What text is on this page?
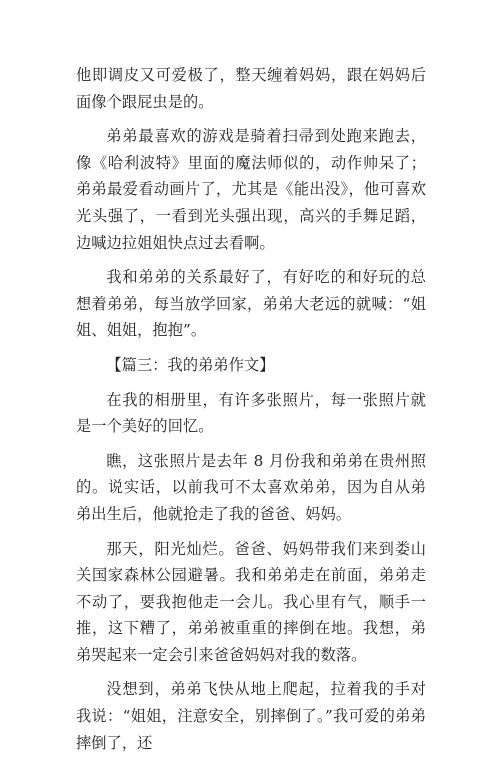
他即调皮又可爱极了，整天缠着妈妈，跟在妈妈后面像个跟屁虫是的。

弟弟最喜欢的游戏是骑着扫帚到处跑来跑去，像《哈利波特》里面的魔法师似的，动作帅呆了；弟弟最爱看动画片了，尤其是《能出没》，他可喜欢光头强了，一看到光头强出现，高兴的手舞足蹈，边喊边拉姐姐快点过去看啊。

我和弟弟的关系最好了，有好吃的和好玩的总想着弟弟，每当放学回家，弟弟大老远的就喊：“姐姐、姐姐，抱抱”。

【篇三：我的弟弟作文】

在我的相册里，有许多张照片，每一张照片就是一个美好的回忆。

瞧，这张照片是去年 8 月份我和弟弟在贵州照的。说实话，以前我可不太喜欢弟弟，因为自从弟弟出生后，他就抢走了我的爸爸、妈妈。

那天，阳光灿烂。爸爸、妈妈带我们来到娄山关国家森林公园避暑。我和弟弟走在前面，弟弟走不动了，要我抱他走一会儿。我心里有气，顺手一推，这下糟了，弟弟被重重的摔倒在地。我想，弟弟哭起来一定会引来爸爸妈妈对我的数落。

没想到，弟弟飞快从地上爬起，拉着我的手对我说：“姐姐，注意安全，别摔倒了。”我可爱的弟弟摔倒了，还
